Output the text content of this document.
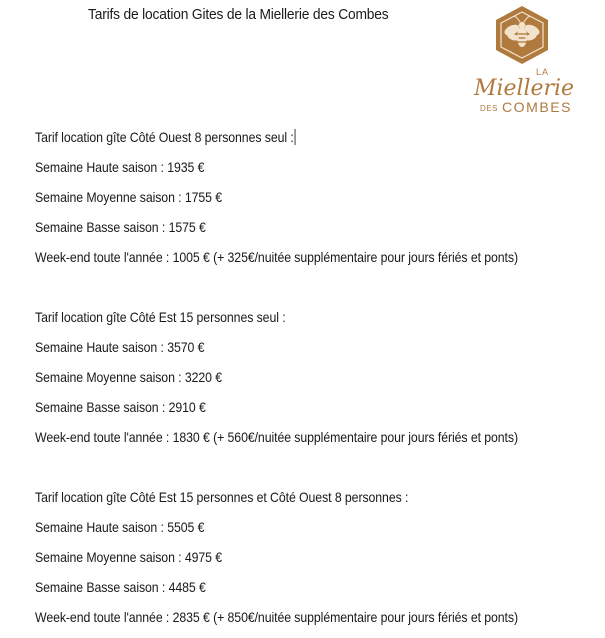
Tarifs de location Gites de la Miellerie des Combes
LA
Miellerie
DES COMBES
Tarif location gîte Côté Ouest 8 personnes seul :
Semaine Haute saison : 1935 €
Semaine Moyenne saison : 1755 €
Semaine Basse saison : 1575 €
Week-end toute l'année : 1005 € (+ 325€/nuitée supplémentaire pour jours fériés et ponts)
Tarif location gîte Côté Est 15 personnes seul :
Semaine Haute saison : 3570 €
Semaine Moyenne saison : 3220 €
Semaine Basse saison : 2910 €
Week-end toute l'année : 1830 € (+ 560€/nuitée supplémentaire pour jours fériés et ponts)
Tarif location gîte Côté Est 15 personnes et Côté Ouest 8 personnes :
Semaine Haute saison : 5505 €
Semaine Moyenne saison : 4975 €
Semaine Basse saison : 4485 €
Week-end toute l'année : 2835 € (+ 850€/nuitée supplémentaire pour jours fériés et ponts)
